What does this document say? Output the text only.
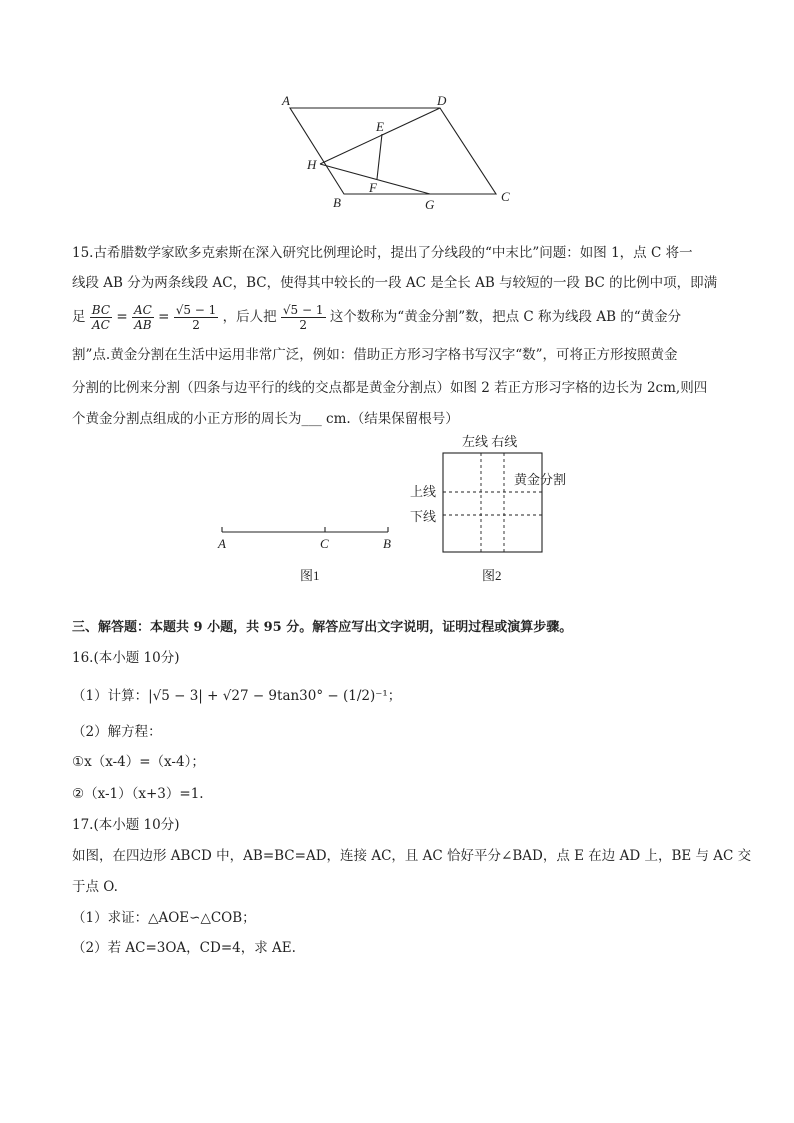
A	D
E
H
F
B	G
C
15.古希腊数学家欧多克索斯在深入研究比例理论时，提出了分线段的“中末比”问题：如图 1，点 C 将一
线段 AB 分为两条线段 AC，BC，使得其中较长的一段 AC 是全长 AB 与较短的一段 BC 的比例中项，即满
足 $\frac{BC}{AC} = \frac{AC}{AB} = \frac{√5 - 1}{2}$ ，后人把 $\frac{√5 - 1}{2}$ 这个数称为“黄金分割”数，把点 C 称为线段 AB 的“黄金分
割”点.黄金分割在生活中运用非常广泛，例如：借助正方形习字格书写汉字“数”，可将正方形按照黄金
分割的比例来分割（四条与边平行的线的交点都是黄金分割点）如图 2 若正方形习字格的边长为 2cm,则四
个黄金分割点组成的小正方形的周长为___ cm.（结果保留根号）
A	C	B
图1
左线 右线
黄金分割
上线
下线
图2
三、解答题：本题共 9 小题，共 95 分。解答应写出文字说明，证明过程或演算步骤。
16.(本小题 10分)
（1）计算：|√5 − 3| + √27 − 9tan30° − (1/2)⁻¹；
（2）解方程：
①x（x-4）=（x-4）；
②（x-1）（x+3）=1.
17.(本小题 10分)
如图，在四边形 ABCD 中，AB=BC=AD，连接 AC，且 AC 恰好平分∠BAD，点 E 在边 AD 上，BE 与 AC 交
于点 O.
（1）求证：△AOE∽△COB；
（2）若 AC=3OA，CD=4，求 AE.
